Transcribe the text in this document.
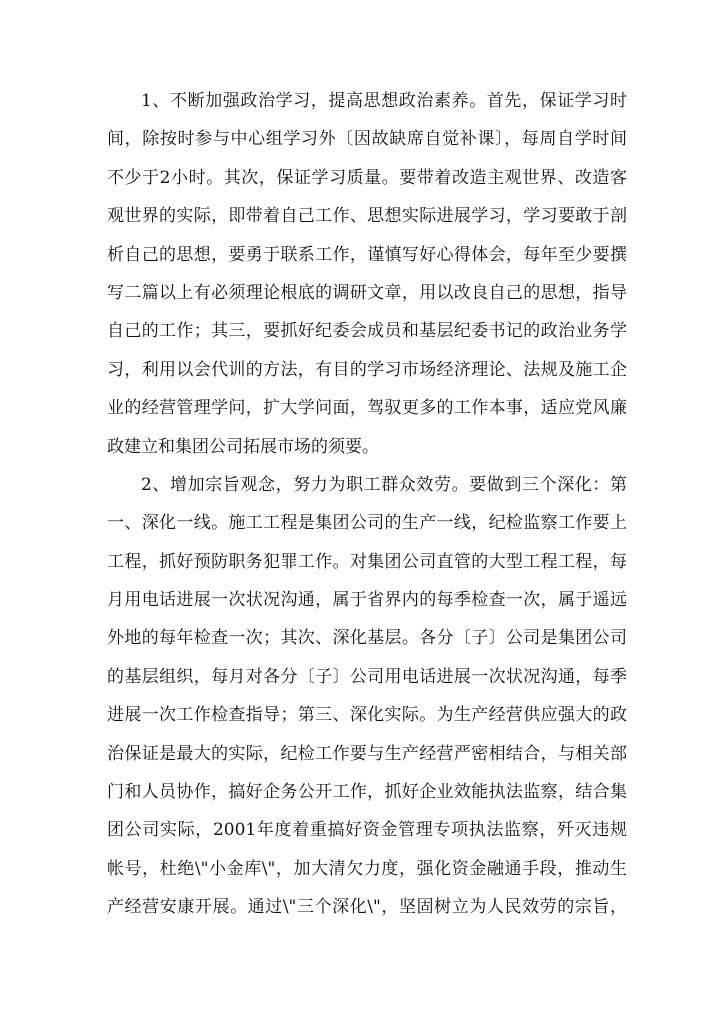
1、不断加强政治学习，提高思想政治素养。首先，保证学习时
间，除按时参与中心组学习外〔因故缺席自觉补课〕，每周自学时间
不少于2小时。其次，保证学习质量。要带着改造主观世界、改造客
观世界的实际，即带着自己工作、思想实际进展学习，学习要敢于剖
析自己的思想，要勇于联系工作，谨慎写好心得体会，每年至少要撰
写二篇以上有必须理论根底的调研文章，用以改良自己的思想，指导
自己的工作；其三，要抓好纪委会成员和基层纪委书记的政治业务学
习，利用以会代训的方法，有目的学习市场经济理论、法规及施工企
业的经营管理学问，扩大学问面，驾驭更多的工作本事，适应党风廉
政建立和集团公司拓展市场的须要。
2、增加宗旨观念，努力为职工群众效劳。要做到三个深化：第
一、深化一线。施工工程是集团公司的生产一线，纪检监察工作要上
工程，抓好预防职务犯罪工作。对集团公司直管的大型工程工程，每
月用电话进展一次状况沟通，属于省界内的每季检查一次，属于遥远
外地的每年检查一次；其次、深化基层。各分〔子〕公司是集团公司
的基层组织，每月对各分〔子〕公司用电话进展一次状况沟通，每季
进展一次工作检查指导；第三、深化实际。为生产经营供应强大的政
治保证是最大的实际，纪检工作要与生产经营严密相结合，与相关部
门和人员协作，搞好企务公开工作，抓好企业效能执法监察，结合集
团公司实际，2001年度着重搞好资金管理专项执法监察，歼灭违规
帐号，杜绝\"小金库\"，加大清欠力度，强化资金融通手段，推动生
产经营安康开展。通过\"三个深化\"，坚固树立为人民效劳的宗旨，
